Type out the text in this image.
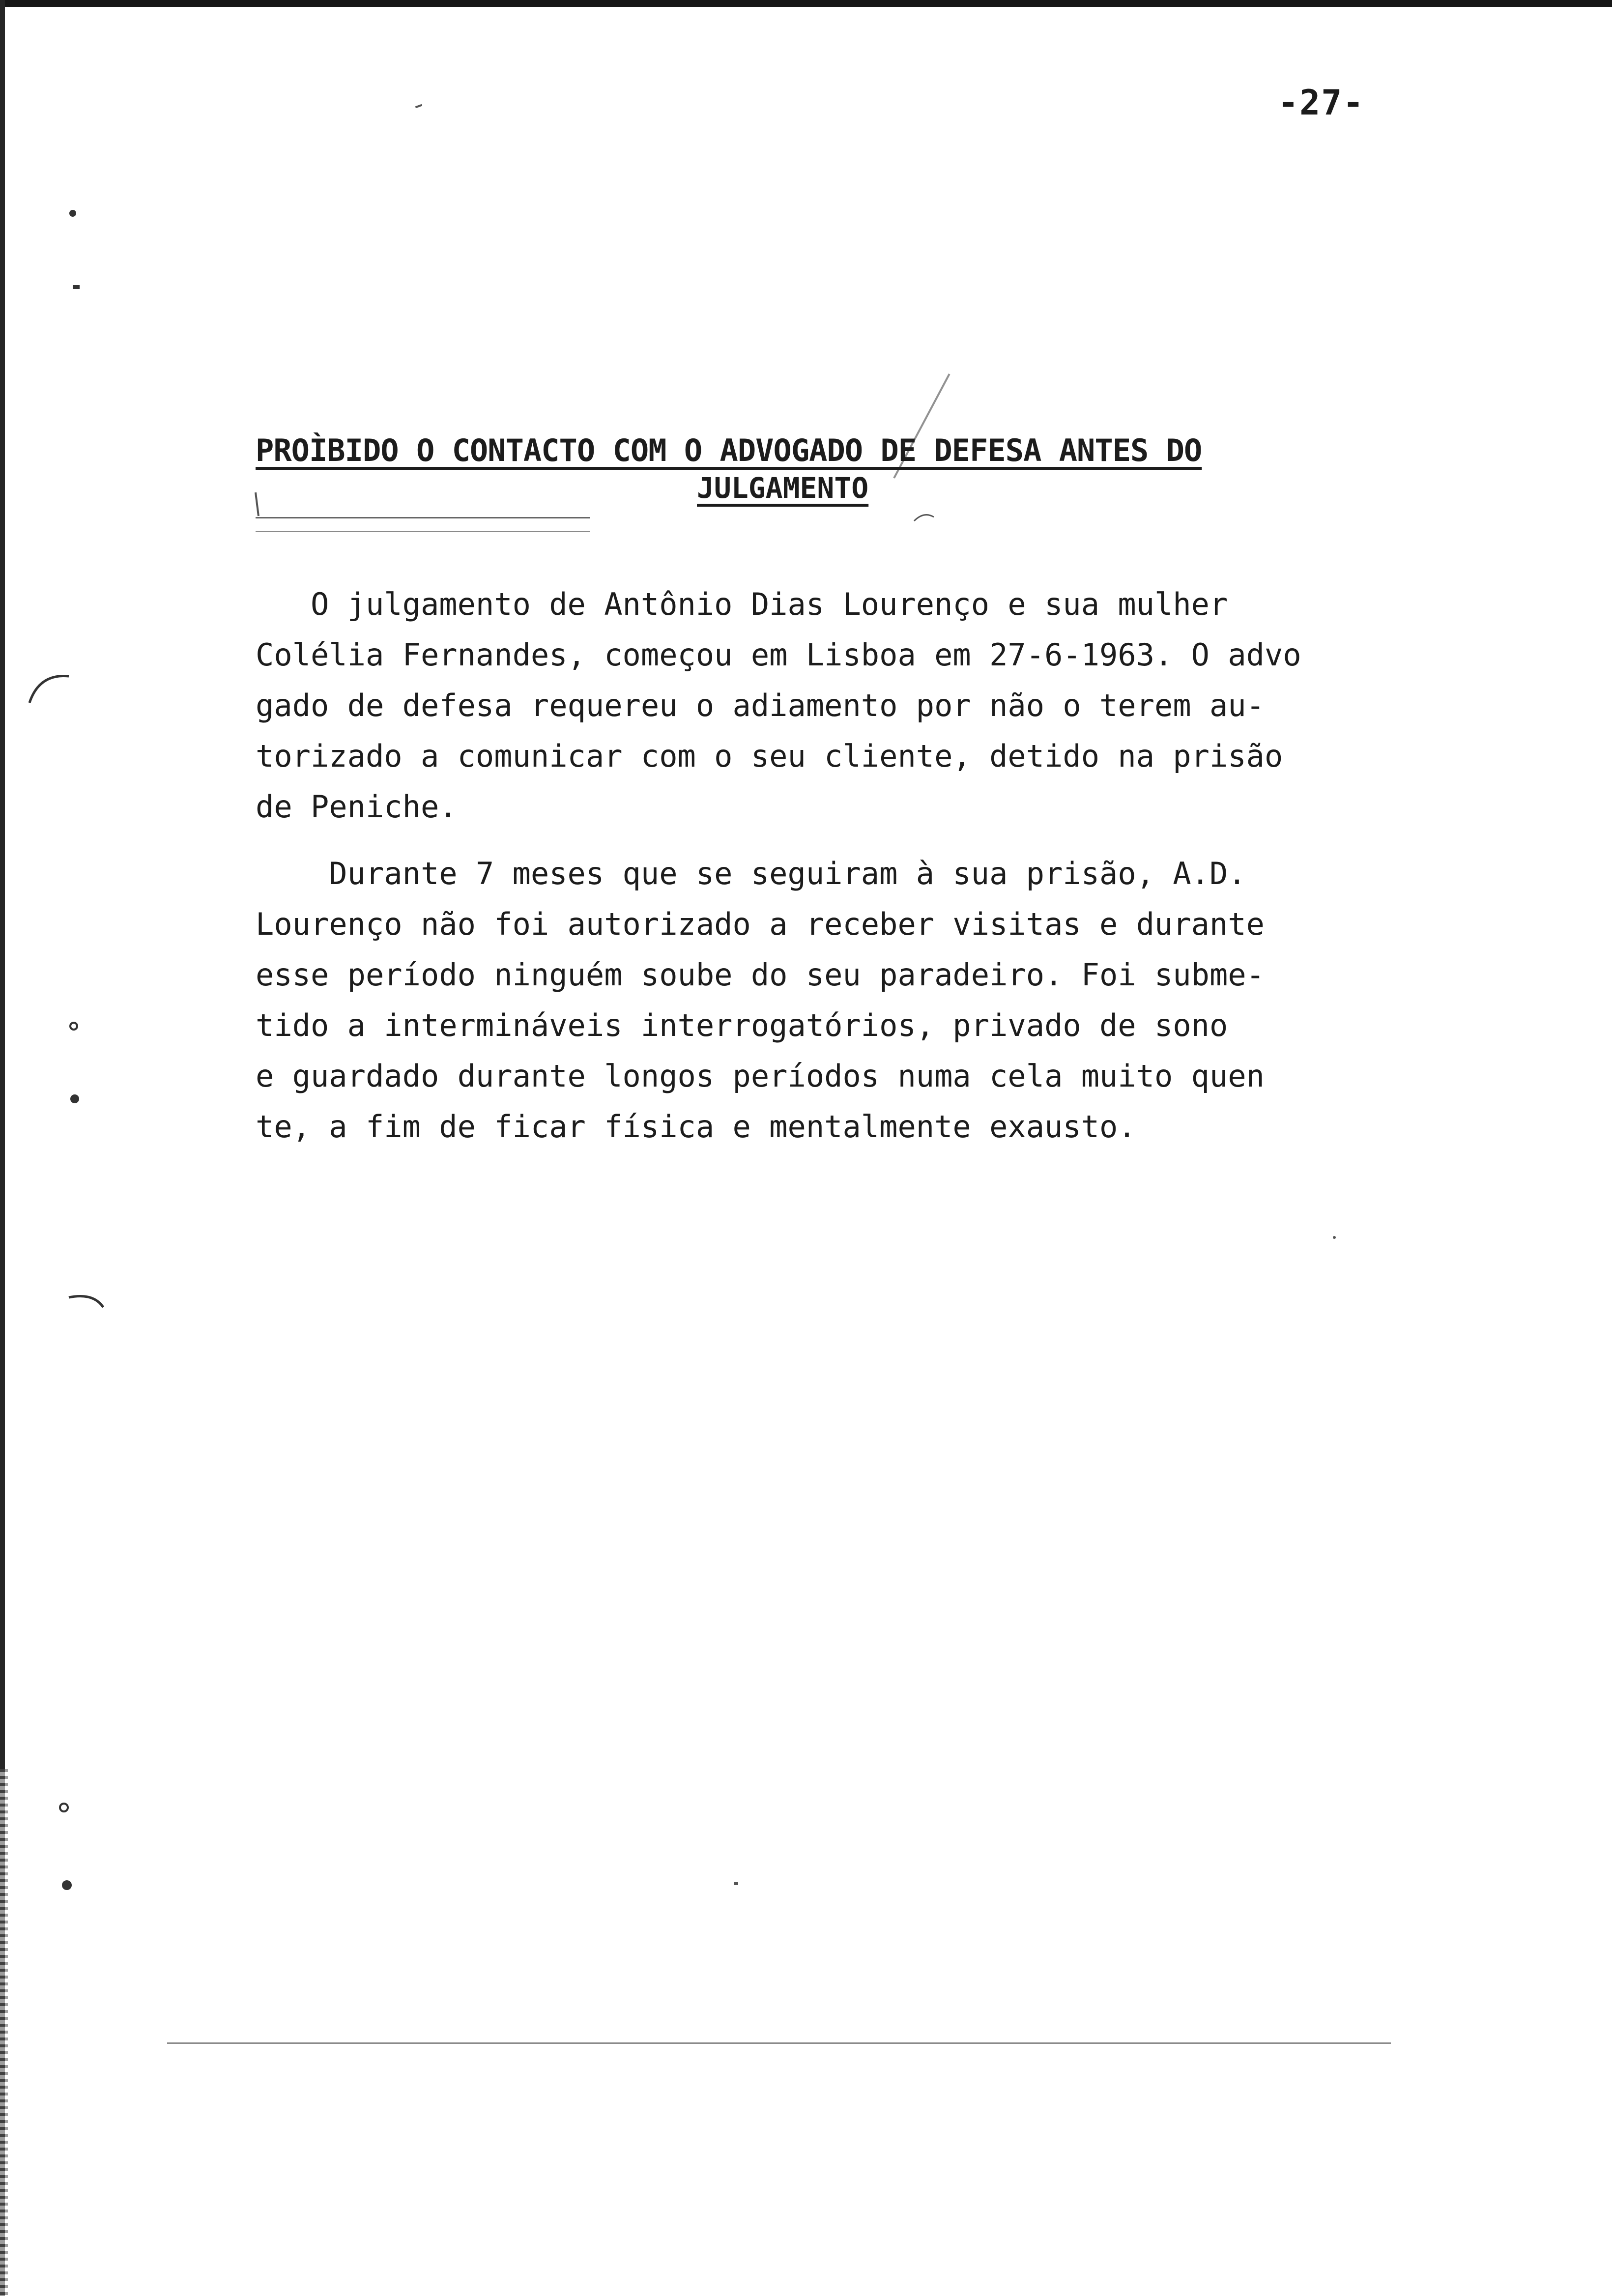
-27-
PROÌBIDO O CONTACTO COM O ADVOGADO DE DEFESA ANTES DO
JULGAMENTO
O julgamento de Antônio Dias Lourenço e sua mulher
Colélia Fernandes, começou em Lisboa em 27-6-1963. O advo
gado de defesa requereu o adiamento por não o terem au-
torizado a comunicar com o seu cliente, detido na prisão
de Peniche.
Durante 7 meses que se seguiram à sua prisão, A.D.
Lourenço não foi autorizado a receber visitas e durante
esse período ninguém soube do seu paradeiro. Foi subme-
tido a intermináveis interrogatórios, privado de sono
e guardado durante longos períodos numa cela muito quen
te, a fim de ficar física e mentalmente exausto.
